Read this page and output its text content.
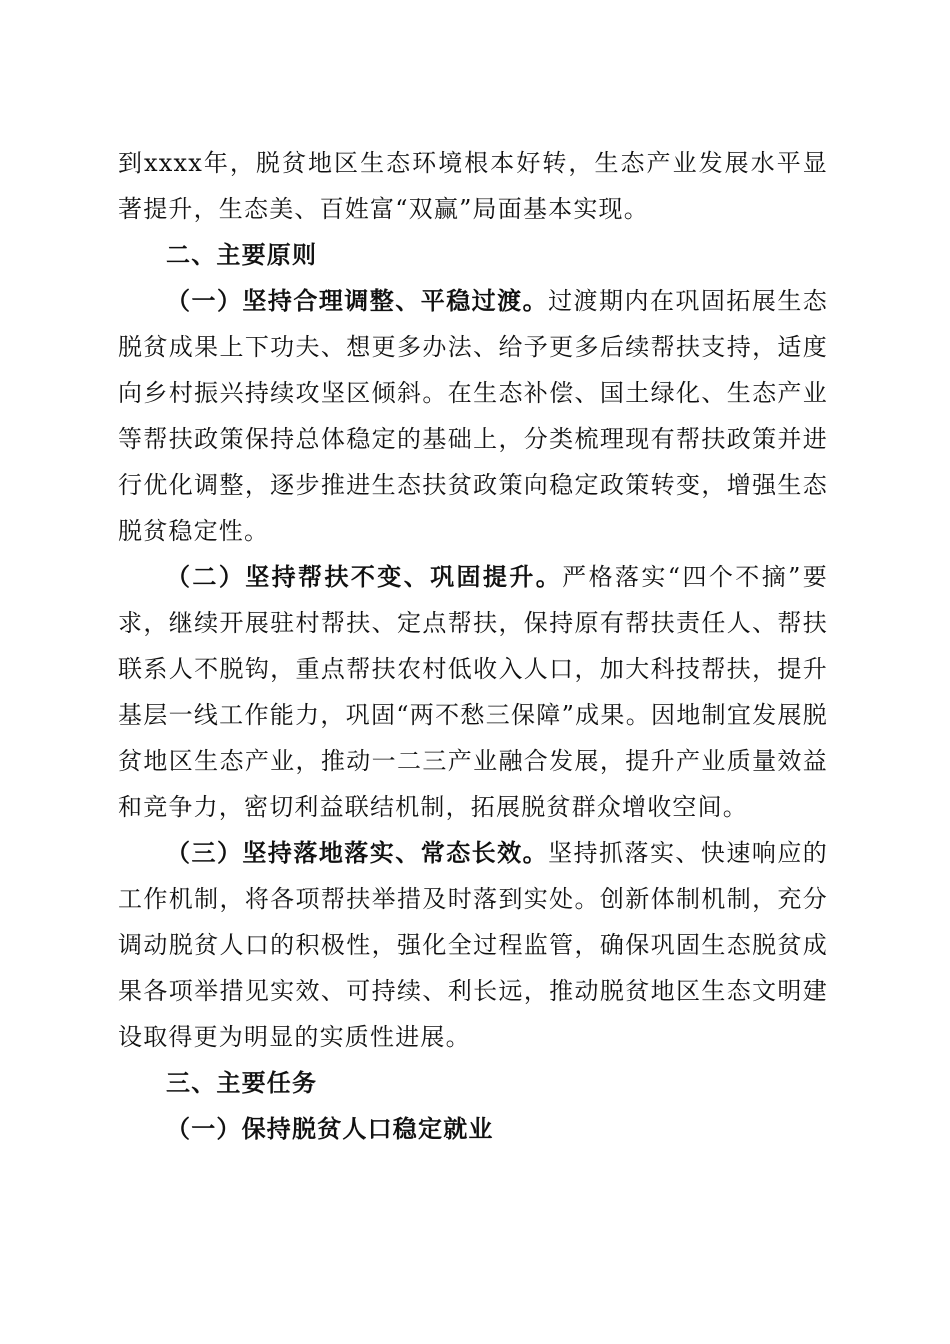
到xxxx年，脱贫地区生态环境根本好转，生态产业发展水平显著提升，生态美、百姓富“双赢”局面基本实现。

二、主要原则

（一）坚持合理调整、平稳过渡。过渡期内在巩固拓展生态脱贫成果上下功夫、想更多办法、给予更多后续帮扶支持，适度向乡村振兴持续攻坚区倾斜。在生态补偿、国土绿化、生态产业等帮扶政策保持总体稳定的基础上，分类梳理现有帮扶政策并进行优化调整，逐步推进生态扶贫政策向稳定政策转变，增强生态脱贫稳定性。

（二）坚持帮扶不变、巩固提升。严格落实“四个不摘”要求，继续开展驻村帮扶、定点帮扶，保持原有帮扶责任人、帮扶联系人不脱钩，重点帮扶农村低收入人口，加大科技帮扶，提升基层一线工作能力，巩固“两不愁三保障”成果。因地制宜发展脱贫地区生态产业，推动一二三产业融合发展，提升产业质量效益和竞争力，密切利益联结机制，拓展脱贫群众增收空间。

（三）坚持落地落实、常态长效。坚持抓落实、快速响应的工作机制，将各项帮扶举措及时落到实处。创新体制机制，充分调动脱贫人口的积极性，强化全过程监管，确保巩固生态脱贫成果各项举措见实效、可持续、利长远，推动脱贫地区生态文明建设取得更为明显的实质性进展。

三、主要任务

（一）保持脱贫人口稳定就业
